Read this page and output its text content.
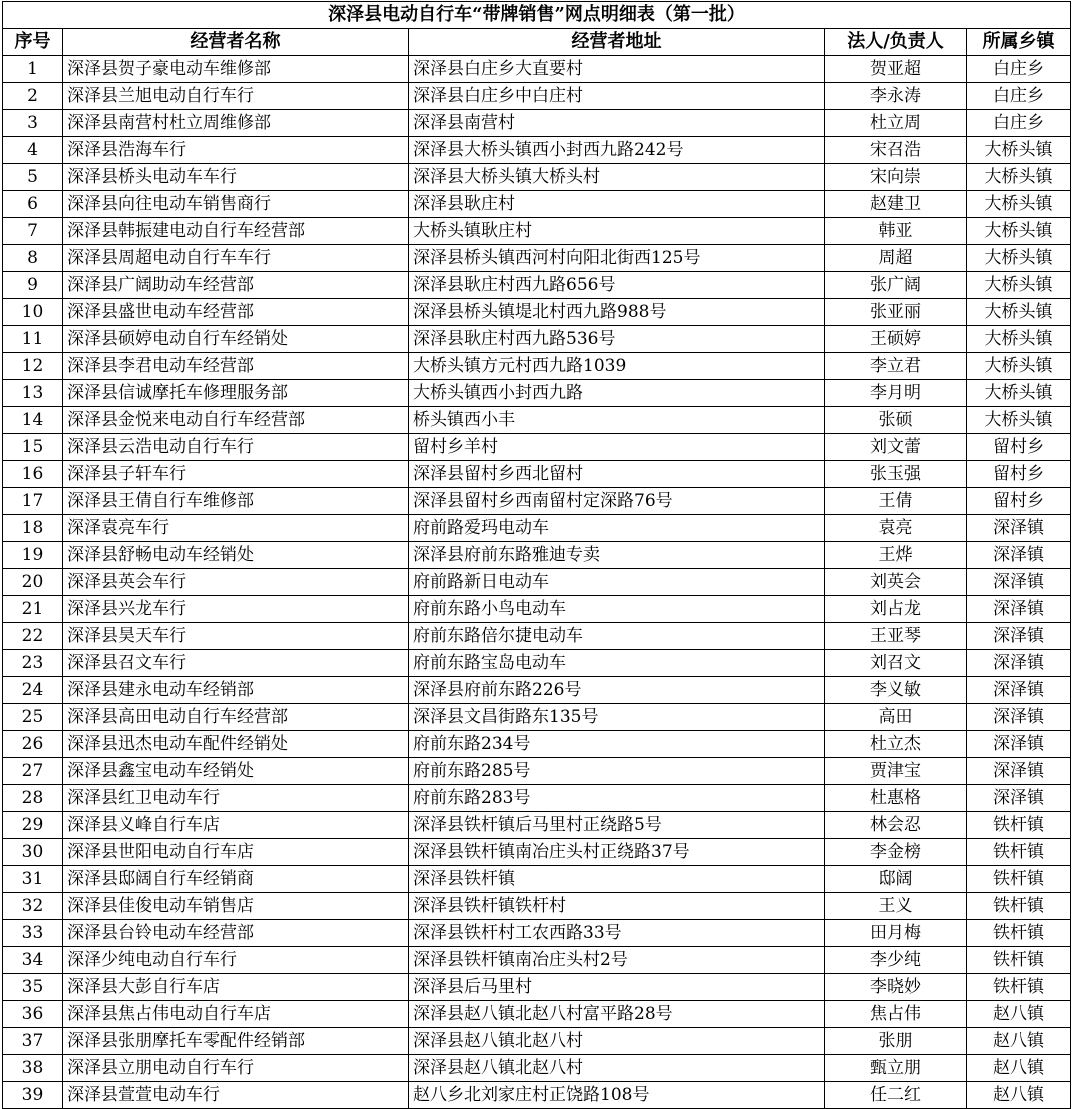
深泽县电动自行车“带牌销售”网点明细表（第一批）				
序号	经营者名称	经营者地址	法人/负责人	所属乡镇
1	深泽县贺子豪电动车维修部	深泽县白庄乡大直要村	贺亚超	白庄乡
2	深泽县兰旭电动自行车行	深泽县白庄乡中白庄村	李永涛	白庄乡
3	深泽县南营村杜立周维修部	深泽县南营村	杜立周	白庄乡
4	深泽县浩海车行	深泽县大桥头镇西小封西九路242号	宋召浩	大桥头镇
5	深泽县桥头电动车车行	深泽县大桥头镇大桥头村	宋向崇	大桥头镇
6	深泽县向往电动车销售商行	深泽县耿庄村	赵建卫	大桥头镇
7	深泽县韩振建电动自行车经营部	大桥头镇耿庄村	韩亚	大桥头镇
8	深泽县周超电动自行车车行	深泽县桥头镇西河村向阳北街西125号	周超	大桥头镇
9	深泽县广阔助动车经营部	深泽县耿庄村西九路656号	张广阔	大桥头镇
10	深泽县盛世电动车经营部	深泽县桥头镇堤北村西九路988号	张亚丽	大桥头镇
11	深泽县硕婷电动自行车经销处	深泽县耿庄村西九路536号	王硕婷	大桥头镇
12	深泽县李君电动车经营部	大桥头镇方元村西九路1039	李立君	大桥头镇
13	深泽县信诚摩托车修理服务部	大桥头镇西小封西九路	李月明	大桥头镇
14	深泽县金悦来电动自行车经营部	桥头镇西小丰	张硕	大桥头镇
15	深泽县云浩电动自行车行	留村乡羊村	刘文蕾	留村乡
16	深泽县子轩车行	深泽县留村乡西北留村	张玉强	留村乡
17	深泽县王倩自行车维修部	深泽县留村乡西南留村定深路76号	王倩	留村乡
18	深泽袁亮车行	府前路爱玛电动车	袁亮	深泽镇
19	深泽县舒畅电动车经销处	深泽县府前东路雅迪专卖	王烨	深泽镇
20	深泽县英会车行	府前路新日电动车	刘英会	深泽镇
21	深泽县兴龙车行	府前东路小鸟电动车	刘占龙	深泽镇
22	深泽县昊天车行	府前东路倍尔捷电动车	王亚琴	深泽镇
23	深泽县召文车行	府前东路宝岛电动车	刘召文	深泽镇
24	深泽县建永电动车经销部	深泽县府前东路226号	李义敏	深泽镇
25	深泽县高田电动自行车经营部	深泽县文昌街路东135号	高田	深泽镇
26	深泽县迅杰电动车配件经销处	府前东路234号	杜立杰	深泽镇
27	深泽县鑫宝电动车经销处	府前东路285号	贾津宝	深泽镇
28	深泽县红卫电动车行	府前东路283号	杜惠格	深泽镇
29	深泽县义峰自行车店	深泽县铁杆镇后马里村正绕路5号	林会忍	铁杆镇
30	深泽县世阳电动自行车店	深泽县铁杆镇南冶庄头村正绕路37号	李金榜	铁杆镇
31	深泽县邸阔自行车经销商	深泽县铁杆镇	邸阔	铁杆镇
32	深泽县佳俊电动车销售店	深泽县铁杆镇铁杆村	王义	铁杆镇
33	深泽县台铃电动车经营部	深泽县铁杆村工农西路33号	田月梅	铁杆镇
34	深泽少纯电动自行车行	深泽县铁杆镇南冶庄头村2号	李少纯	铁杆镇
35	深泽县大彭自行车店	深泽县后马里村	李晓妙	铁杆镇
36	深泽县焦占伟电动自行车店	深泽县赵八镇北赵八村富平路28号	焦占伟	赵八镇
37	深泽县张朋摩托车零配件经销部	深泽县赵八镇北赵八村	张朋	赵八镇
38	深泽县立朋电动自行车行	深泽县赵八镇北赵八村	甄立朋	赵八镇
39	深泽县萱萱电动车行	赵八乡北刘家庄村正饶路108号	任二红	赵八镇
